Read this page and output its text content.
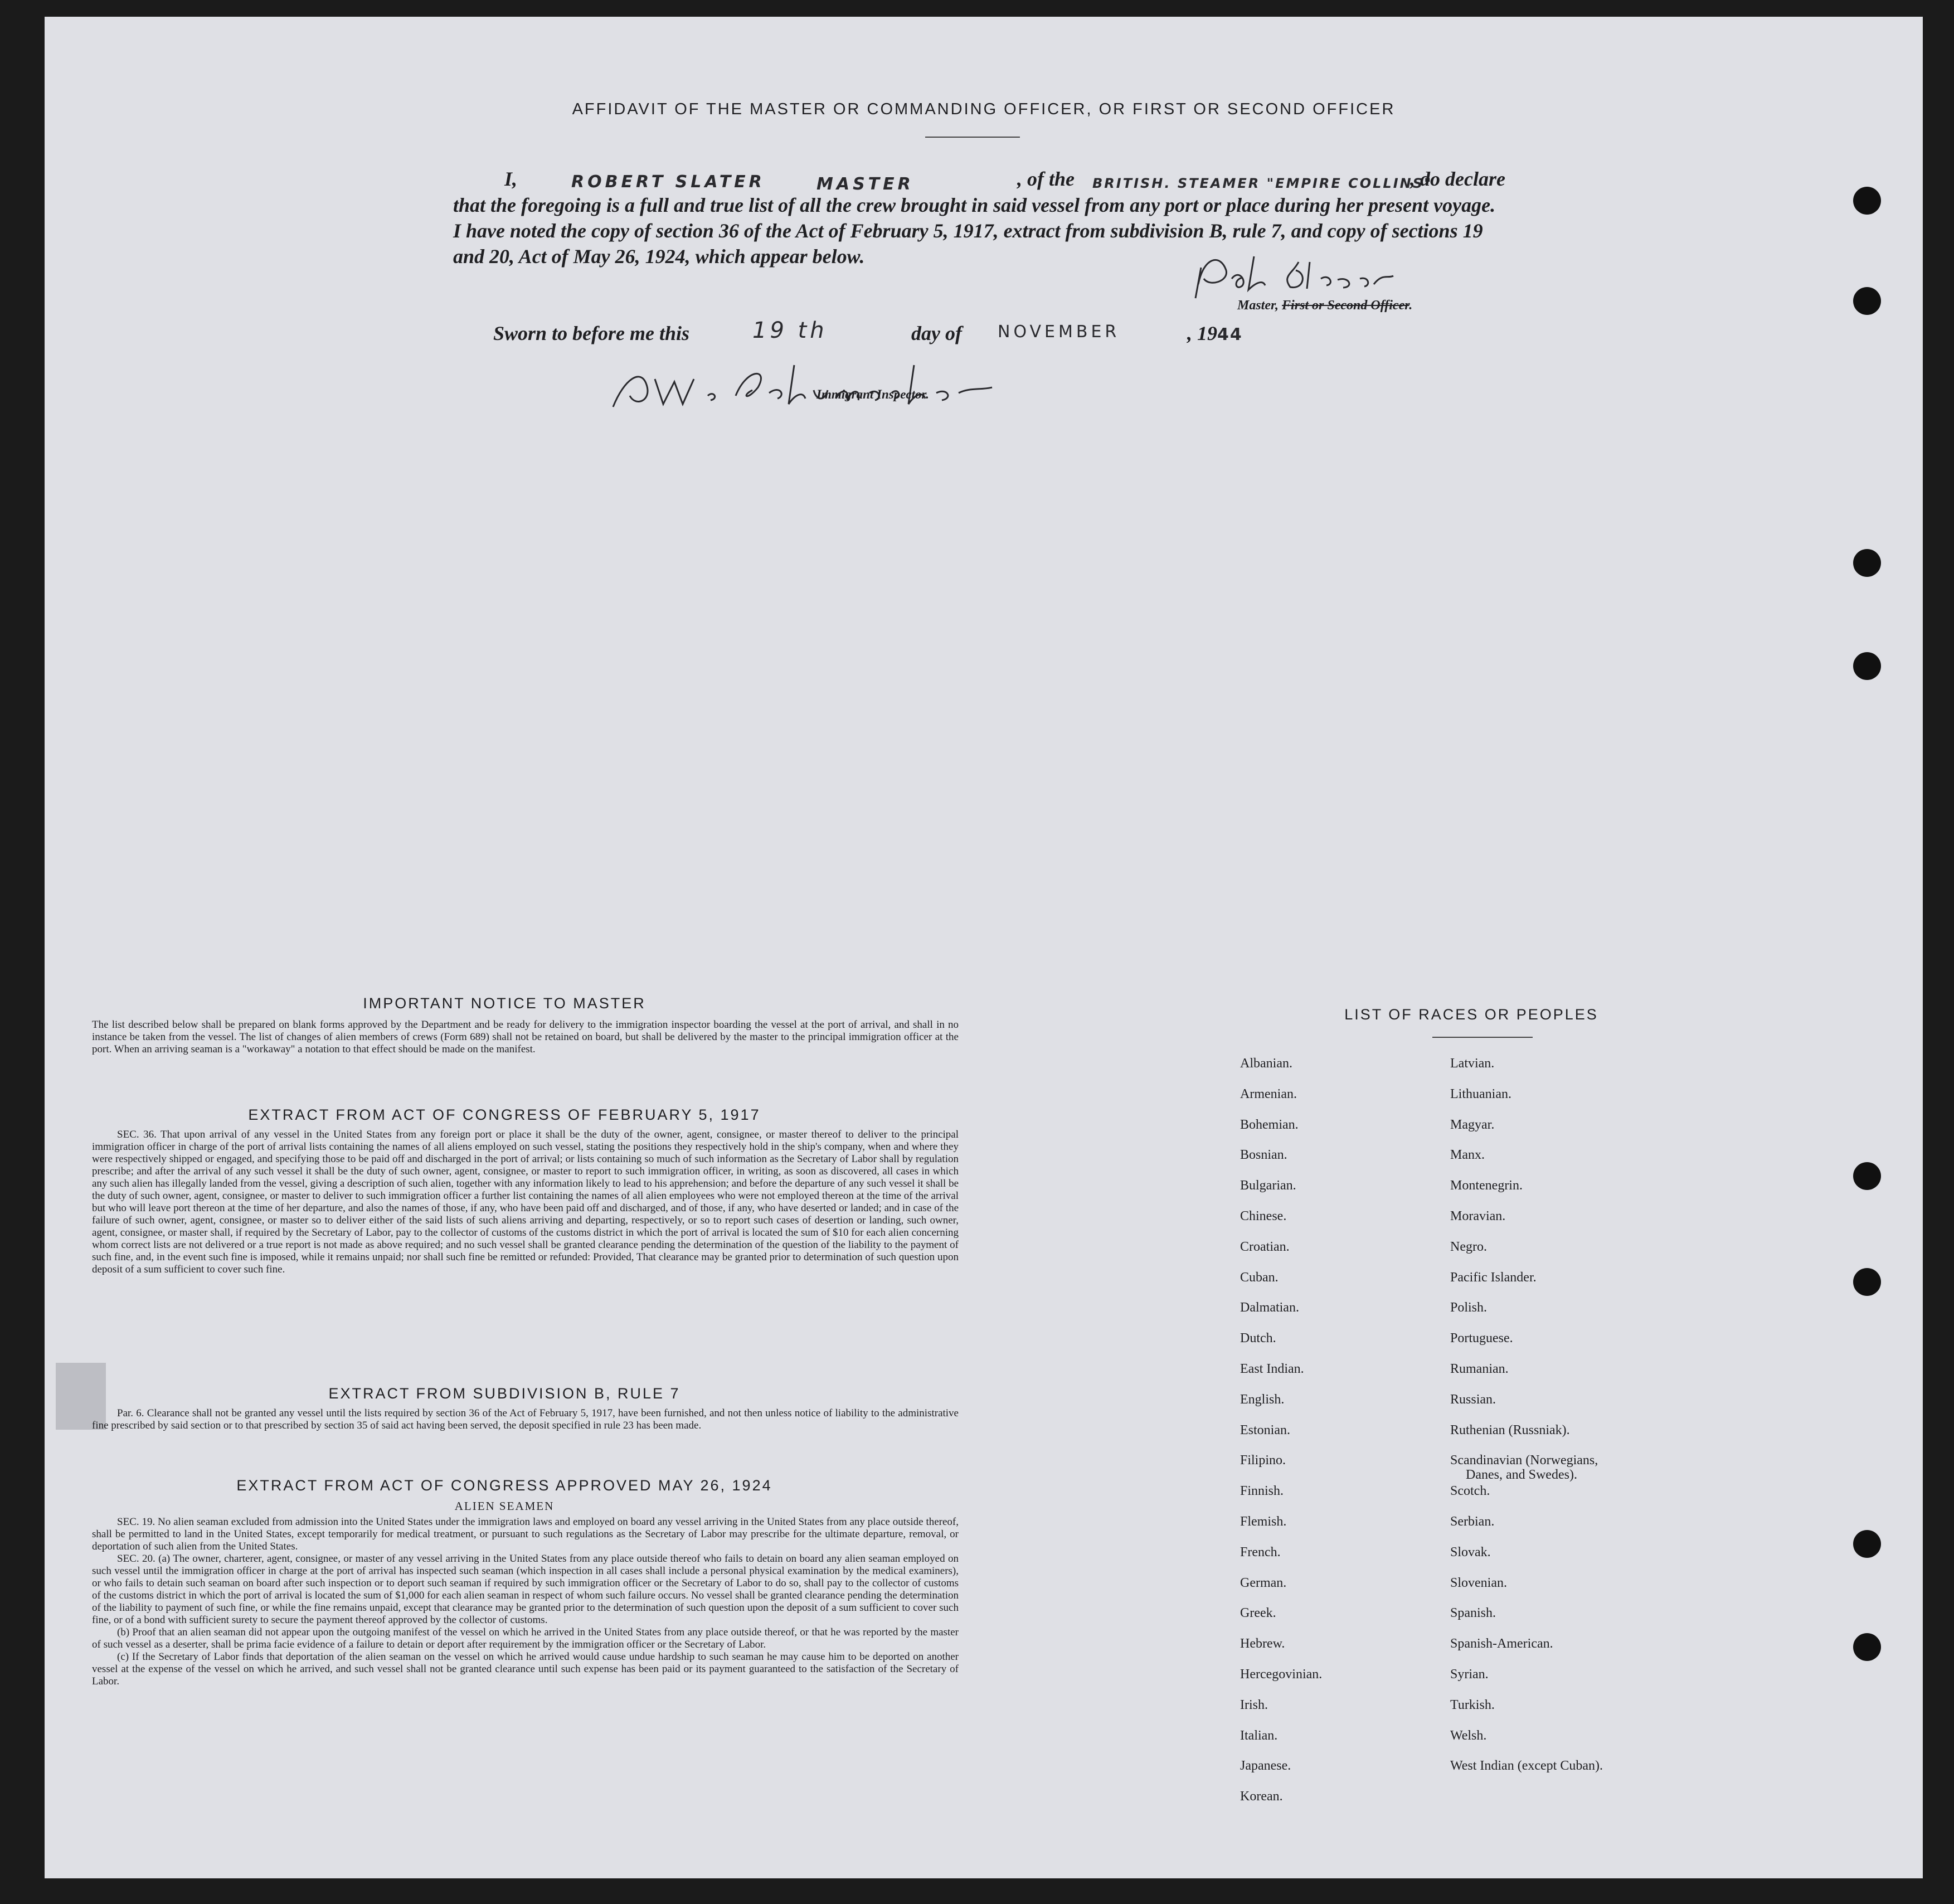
AFFIDAVIT OF THE MASTER OR COMMANDING OFFICER, OR FIRST OR SECOND OFFICER
I,	ROBERT SLATER	MASTER	, of the BRITISH. STEAMER "EMPIRE COLLINS"
, do declare
that the foregoing is a full and true list of all the crew brought in said vessel from any port or place during her present voyage.
I have noted the copy of section 36 of the Act of February 5, 1917, extract from subdivision B, rule 7, and copy of sections 19
and 20, Act of May 26, 1924, which appear below.
Master, First or Second Officer.
Sworn to before me this	19 th	day of NOVEMBER	, 1944
Immigrant Inspector.
IMPORTANT NOTICE TO MASTER
The list described below shall be prepared on blank forms approved by the Department and be ready for delivery to the immigration inspector boarding the vessel at the port of arrival, and shall in no instance be taken from the vessel. The list of changes of alien members of crews (Form 689) shall not be retained on board, but shall be delivered by the master to the principal immigration officer at the port. When an arriving seaman is a "workaway" a notation to that effect should be made on the manifest.
EXTRACT FROM ACT OF CONGRESS OF FEBRUARY 5, 1917
SEC. 36. That upon arrival of any vessel in the United States from any foreign port or place it shall be the duty of the owner, agent, consignee, or master thereof to deliver to the principal immigration officer in charge of the port of arrival lists containing the names of all aliens employed on such vessel, stating the positions they respectively hold in the ship's company, when and where they were respectively shipped or engaged, and specifying those to be paid off and discharged in the port of arrival; or lists containing so much of such information as the Secretary of Labor shall by regulation prescribe; and after the arrival of any such vessel it shall be the duty of such owner, agent, consignee, or master to report to such immigration officer, in writing, as soon as discovered, all cases in which any such alien has illegally landed from the vessel, giving a description of such alien, together with any information likely to lead to his apprehension; and before the departure of any such vessel it shall be the duty of such owner, agent, consignee, or master to deliver to such immigration officer a further list containing the names of all alien employees who were not employed thereon at the time of the arrival but who will leave port thereon at the time of her departure, and also the names of those, if any, who have been paid off and discharged, and of those, if any, who have deserted or landed; and in case of the failure of such owner, agent, consignee, or master so to deliver either of the said lists of such aliens arriving and departing, respectively, or so to report such cases of desertion or landing, such owner, agent, consignee, or master shall, if required by the Secretary of Labor, pay to the collector of customs of the customs district in which the port of arrival is located the sum of $10 for each alien concerning whom correct lists are not delivered or a true report is not made as above required; and no such vessel shall be granted clearance pending the determination of the question of the liability to the payment of such fine, and, in the event such fine is imposed, while it remains unpaid; nor shall such fine be remitted or refunded: Provided, That clearance may be granted prior to determination of such question upon deposit of a sum sufficient to cover such fine.
EXTRACT FROM SUBDIVISION B, RULE 7
Par. 6. Clearance shall not be granted any vessel until the lists required by section 36 of the Act of February 5, 1917, have been furnished, and not then unless notice of liability to the administrative fine prescribed by said section or to that prescribed by section 35 of said act having been served, the deposit specified in rule 23 has been made.
EXTRACT FROM ACT OF CONGRESS APPROVED MAY 26, 1924
ALIEN SEAMEN
SEC. 19. No alien seaman excluded from admission into the United States under the immigration laws and employed on board any vessel arriving in the United States from any place outside thereof, shall be permitted to land in the United States, except temporarily for medical treatment, or pursuant to such regulations as the Secretary of Labor may prescribe for the ultimate departure, removal, or deportation of such alien from the United States.
SEC. 20. (a) The owner, charterer, agent, consignee, or master of any vessel arriving in the United States from any place outside thereof who fails to detain on board any alien seaman employed on such vessel until the immigration officer in charge at the port of arrival has inspected such seaman (which inspection in all cases shall include a personal physical examination by the medical examiners), or who fails to detain such seaman on board after such inspection or to deport such seaman if required by such immigration officer or the Secretary of Labor to do so, shall pay to the collector of customs of the customs district in which the port of arrival is located the sum of $1,000 for each alien seaman in respect of whom such failure occurs. No vessel shall be granted clearance pending the determination of the liability to payment of such fine, or while the fine remains unpaid, except that clearance may be granted prior to the determination of such question upon the deposit of a sum sufficient to cover such fine, or of a bond with sufficient surety to secure the payment thereof approved by the collector of customs.
(b) Proof that an alien seaman did not appear upon the outgoing manifest of the vessel on which he arrived in the United States from any place outside thereof, or that he was reported by the master of such vessel as a deserter, shall be prima facie evidence of a failure to detain or deport after requirement by the immigration officer or the Secretary of Labor.
(c) If the Secretary of Labor finds that deportation of the alien seaman on the vessel on which he arrived would cause undue hardship to such seaman he may cause him to be deported on another vessel at the expense of the vessel on which he arrived, and such vessel shall not be granted clearance until such expense has been paid or its payment guaranteed to the satisfaction of the Secretary of Labor.
LIST OF RACES OR PEOPLES
Albanian.
Armenian.
Bohemian.
Bosnian.
Bulgarian.
Chinese.
Croatian.
Cuban.
Dalmatian.
Dutch.
East Indian.
English.
Estonian.
Filipino.
Finnish.
Flemish.
French.
German.
Greek.
Hebrew.
Hercegovinian.
Irish.
Italian.
Japanese.
Korean.
Latvian.
Lithuanian.
Magyar.
Manx.
Montenegrin.
Moravian.
Negro.
Pacific Islander.
Polish.
Portuguese.
Rumanian.
Russian.
Ruthenian (Russniak).
Scandinavian (Norwegians,
Danes, and Swedes).
Scotch.
Serbian.
Slovak.
Slovenian.
Spanish.
Spanish-American.
Syrian.
Turkish.
Welsh.
West Indian (except Cuban).
